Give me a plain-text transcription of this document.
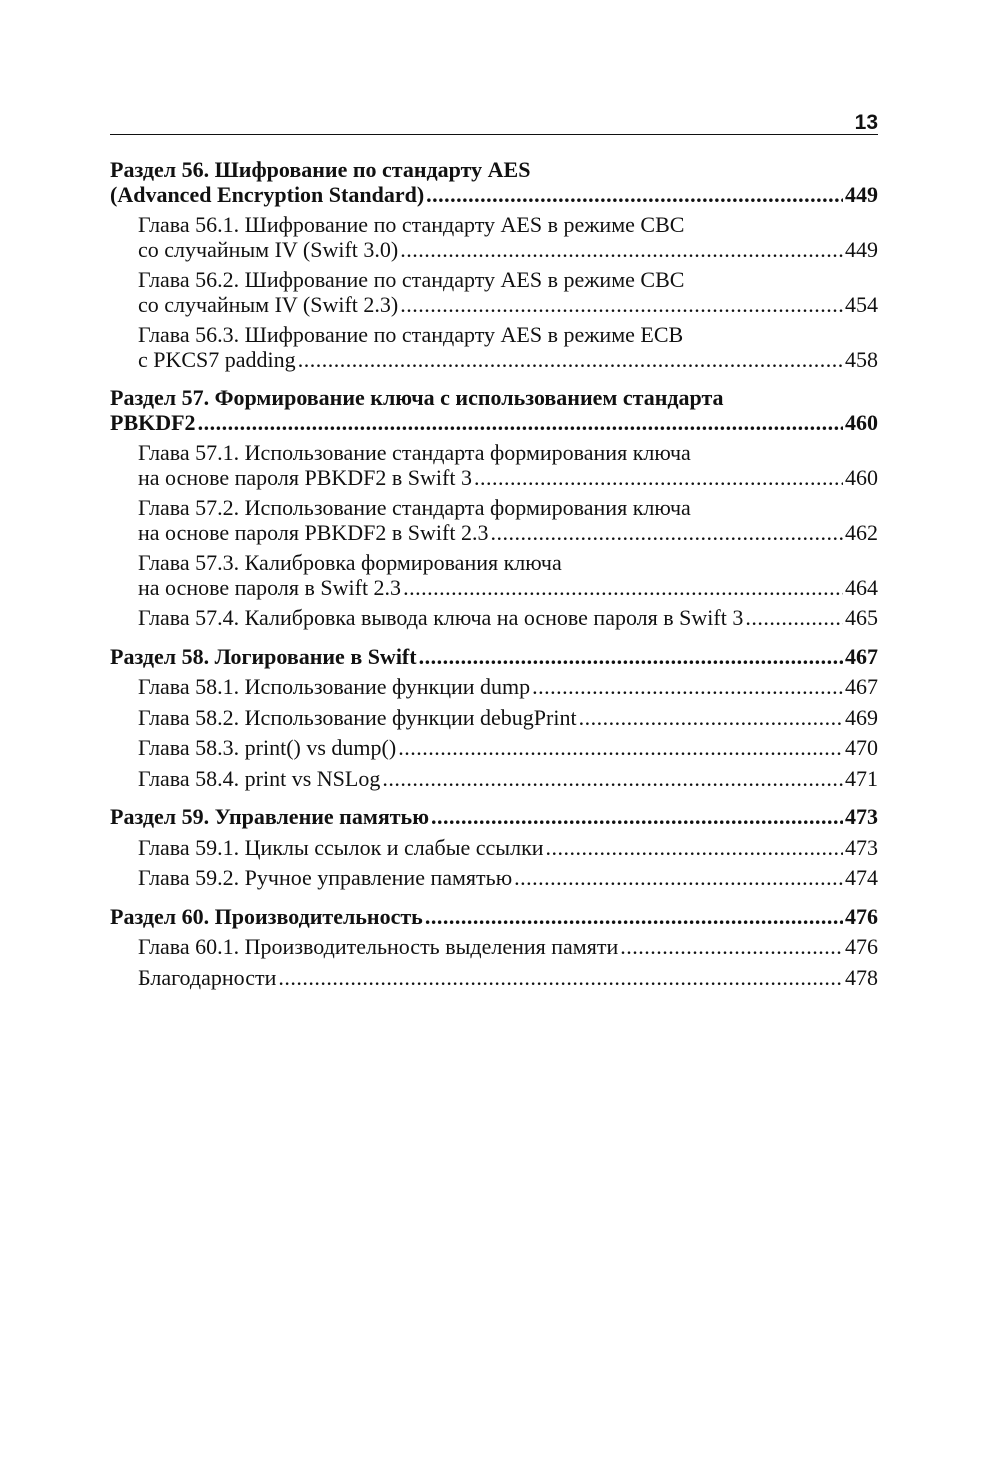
13
Раздел 56. Шифрование по стандарту AES
(Advanced Encryption Standard) .....	449
Глава 56.1. Шифрование по стандарту AES в режиме CBC
со случайным IV (Swift 3.0) .....	449
Глава 56.2. Шифрование по стандарту AES в режиме CBC
со случайным IV (Swift 2.3) .....	454
Глава 56.3. Шифрование по стандарту AES в режиме ECB
с PKCS7 padding .....	458
Раздел 57. Формирование ключа с использованием стандарта
PBKDF2 .....	460
Глава 57.1. Использование стандарта формирования ключа
на основе пароля PBKDF2 в Swift 3 .....	460
Глава 57.2. Использование стандарта формирования ключа
на основе пароля PBKDF2 в Swift 2.3 .....	462
Глава 57.3. Калибровка формирования ключа
на основе пароля в Swift 2.3 .....	464
Глава 57.4. Калибровка вывода ключа на основе пароля в Swift 3 .....	465
Раздел 58. Логирование в Swift .....	467
Глава 58.1. Использование функции dump .....	467
Глава 58.2. Использование функции debugPrint .....	469
Глава 58.3. print() vs dump() .....	470
Глава 58.4. print vs NSLog .....	471
Раздел 59. Управление памятью .....	473
Глава 59.1. Циклы ссылок и слабые ссылки .....	473
Глава 59.2. Ручное управление памятью .....	474
Раздел 60. Производительность .....	476
Глава 60.1. Производительность выделения памяти .....	476
Благодарности .....	478
